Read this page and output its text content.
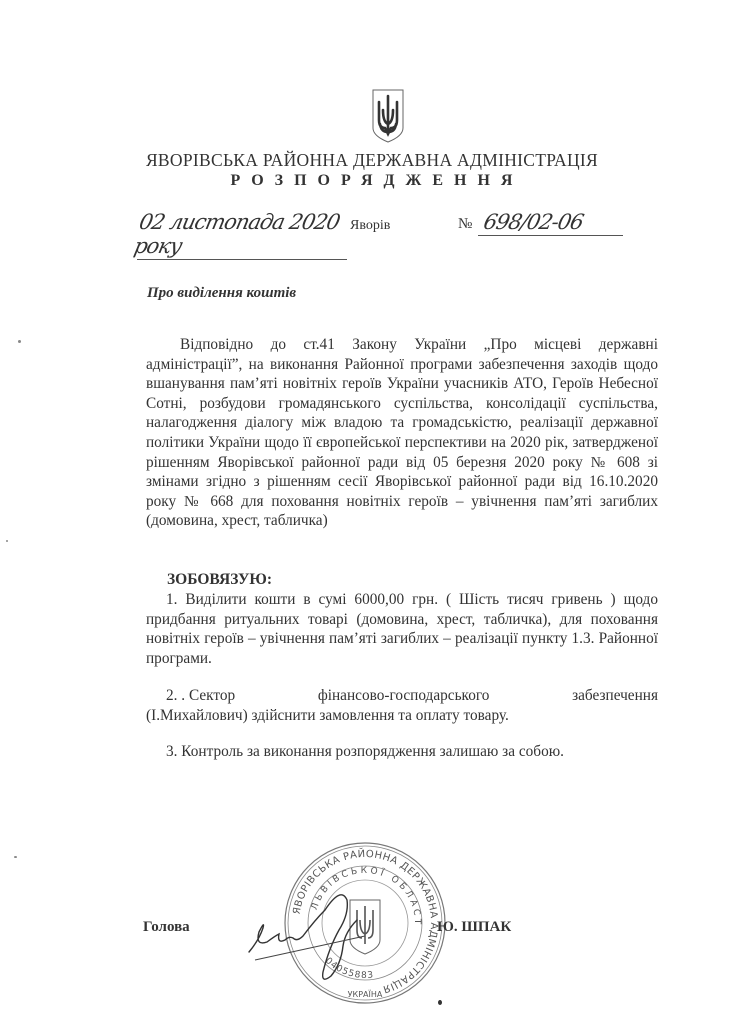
ЯВОРІВСЬКА РАЙОННА ДЕРЖАВНА АДМІНІСТРАЦІЯ
РОЗПОРЯДЖЕННЯ
02 листопада 2020 року
Яворів	№ 698/02-06
Про виділення коштів

Відповідно до ст.41 Закону України „Про місцеві державні адміністрації”, на виконання Районної програми забезпечення заходів щодо вшанування пам’яті новітніх героїв України учасників АТО, Героїв Небесної Сотні, розбудови громадянського суспільства, консолідації суспільства, налагодження діалогу між владою та громадськістю, реалізації державної політики України щодо її європейської перспективи на 2020 рік, затвердженої рішенням Яворівської районної ради від 05 березня 2020 року № 608 зі змінами згідно з рішенням сесії Яворівської районної ради від 16.10.2020 року № 668 для поховання новітніх героїв – увічнення пам’яті загиблих (домовина, хрест, табличка)

ЗОБОВЯЗУЮ:

1. Виділити кошти в сумі 6000,00 грн. ( Шість тисяч гривень ) щодо придбання ритуальних товарі (домовина, хрест, табличка), для поховання новітніх героїв – увічнення пам’яті загиблих – реалізації пункту 1.3. Районної програми.

2. . Сектор	фінансово-господарського	забезпечення

(І.Михайлович) здійснити замовлення та оплату товару.

3. Контроль за виконання розпорядження залишаю за собою.
ЯВОРІВСЬКА РАЙОННА ДЕРЖАВНА АДМІНІСТРАЦІЯ
ЛЬВІВСЬКОЇ ОБЛАСТ
04055883
УКРАЇНА
Голова	Ю. ШПАК
